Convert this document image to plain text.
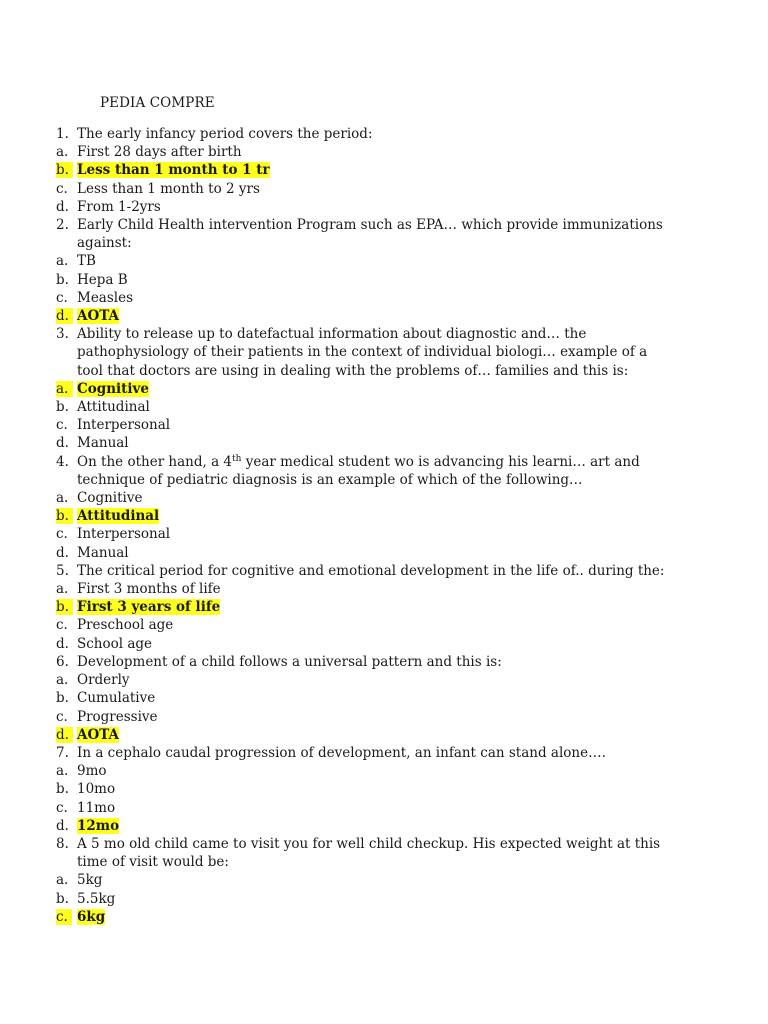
PEDIA COMPRE
1. The early infancy period covers the period:
a. First 28 days after birth
b. Less than 1 month to 1 tr
c. Less than 1 month to 2 yrs
d. From 1-2yrs
2. Early Child Health intervention Program such as EPA… which provide immunizations against:
a. TB
b. Hepa B
c. Measles
d. AOTA
3. Ability to release up to datefactual information about diagnostic and… the pathophysiology of their patients in the context of individual biologi… example of a tool that doctors are using in dealing with the problems of… families and this is:
a. Cognitive
b. Attitudinal
c. Interpersonal
d. Manual
4. On the other hand, a 4th year medical student wo is advancing his learni… art and technique of pediatric diagnosis is an example of which of the following…
a. Cognitive
b. Attitudinal
c. Interpersonal
d. Manual
5. The critical period for cognitive and emotional development in the life of.. during the:
a. First 3 months of life
b. First 3 years of life
c. Preschool age
d. School age
6. Development of a child follows a universal pattern and this is:
a. Orderly
b. Cumulative
c. Progressive
d. AOTA
7. In a cephalo caudal progression of development, an infant can stand alone….
a. 9mo
b. 10mo
c. 11mo
d. 12mo
8. A 5 mo old child came to visit you for well child checkup. His expected weight at this time of visit would be:
a. 5kg
b. 5.5kg
c. 6kg
